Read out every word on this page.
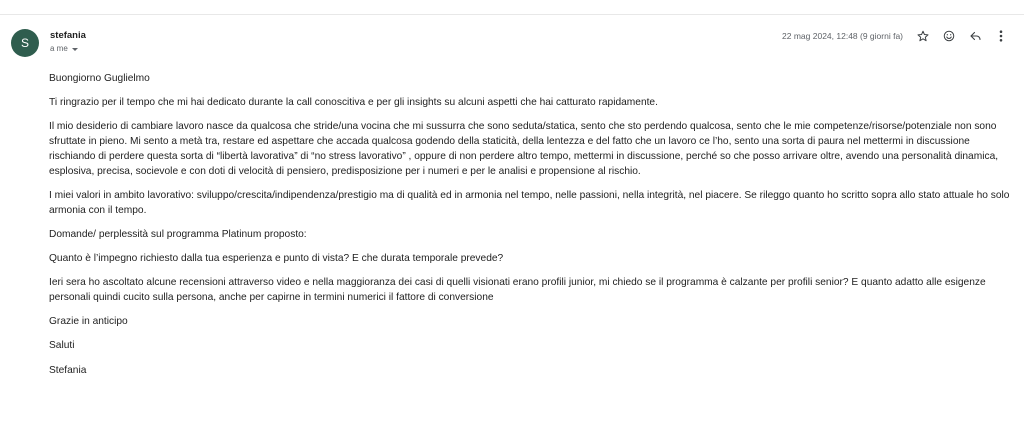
S
stefania
a me
22 mag 2024, 12:48 (9 giorni fa)

Buongiorno Guglielmo

Ti ringrazio per il tempo che mi hai dedicato durante la call conoscitiva e per gli insights su alcuni aspetti che hai catturato rapidamente.

Il mio desiderio di cambiare lavoro nasce da qualcosa che stride/una vocina che mi sussurra che sono seduta/statica, sento che sto perdendo qualcosa, sento che le mie competenze/risorse/potenziale non sono sfruttate in pieno. Mi sento a metà tra, restare ed aspettare che accada qualcosa godendo della staticità, della lentezza e del fatto che un lavoro ce l’ho, sento una sorta di paura nel mettermi in discussione rischiando di perdere questa sorta di “libertà lavorativa” di “no stress lavorativo” , oppure di non perdere altro tempo, mettermi in discussione, perché so che posso arrivare oltre, avendo una personalità dinamica, esplosiva, precisa, socievole e con doti di velocità di pensiero, predisposizione per i numeri e per le analisi e propensione al rischio.

I miei valori in ambito lavorativo: sviluppo/crescita/indipendenza/prestigio ma di qualità ed in armonia nel tempo, nelle passioni, nella integrità, nel piacere. Se rileggo quanto ho scritto sopra allo stato attuale ho solo armonia con il tempo.

Domande/ perplessità sul programma Platinum proposto:

Quanto è l’impegno richiesto dalla tua esperienza e punto di vista? E che durata temporale prevede?

Ieri sera ho ascoltato alcune recensioni attraverso video e nella maggioranza dei casi di quelli visionati erano profili junior, mi chiedo se il programma è calzante per profili senior? E quanto adatto alle esigenze personali quindi cucito sulla persona, anche per capirne in termini numerici il fattore di conversione

Grazie in anticipo

Saluti

Stefania
